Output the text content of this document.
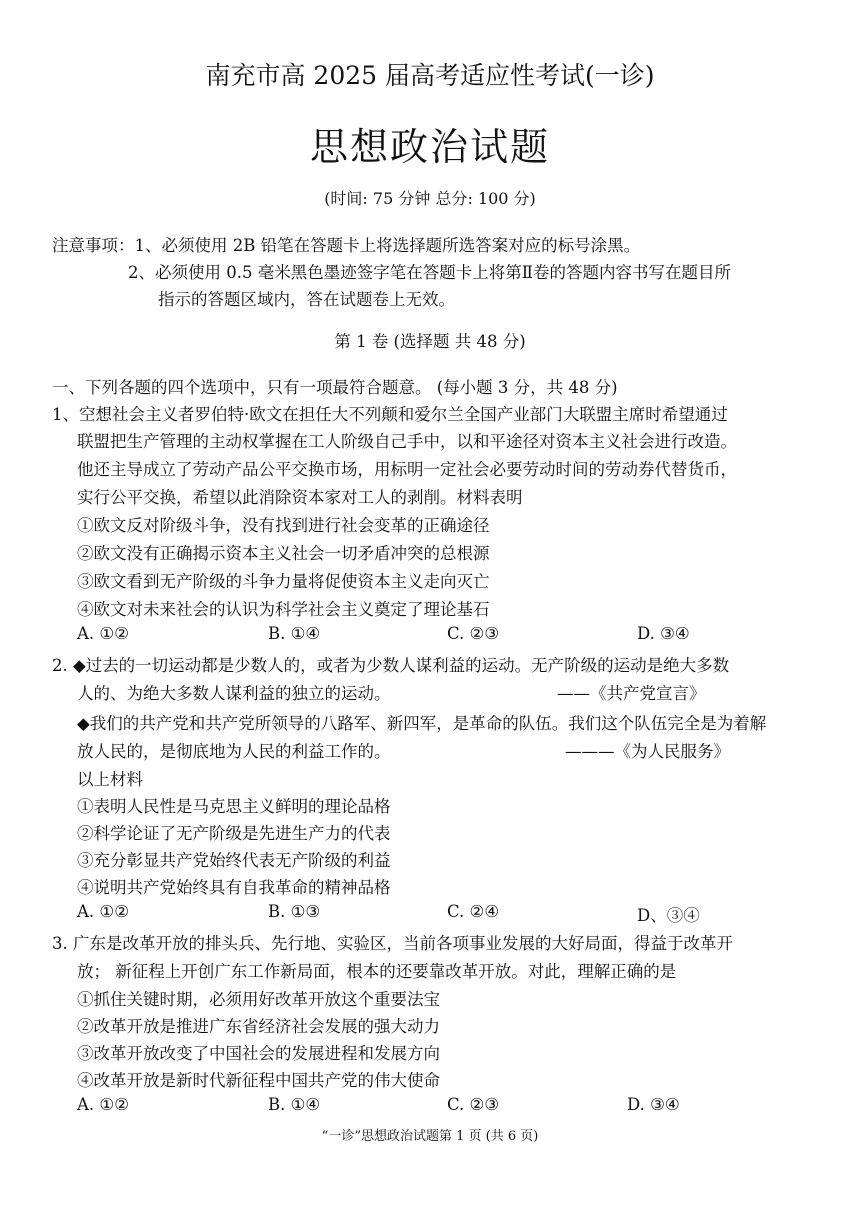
南充市高 2025 届高考适应性考试(一诊)
思想政治试题
(时间: 75 分钟 总分: 100 分)
注意事项：1、必须使用 2B 铅笔在答题卡上将选择题所选答案对应的标号涂黑。
2、必须使用 0.5 毫米黑色墨迹签字笔在答题卡上将第Ⅱ卷的答题内容书写在题目所
指示的答题区域内，答在试题卷上无效。
第 1 卷 (选择题 共 48 分)
一、下列各题的四个选项中，只有一项最符合题意。 (每小题 3 分，共 48 分)
1、空想社会主义者罗伯特·欧文在担任大不列颠和爱尔兰全国产业部门大联盟主席时希望通过
联盟把生产管理的主动权掌握在工人阶级自己手中，以和平途径对资本主义社会进行改造。
他还主导成立了劳动产品公平交换市场，用标明一定社会必要劳动时间的劳动券代替货币，
实行公平交换，希望以此消除资本家对工人的剥削。材料表明
①欧文反对阶级斗争，没有找到进行社会变革的正确途径
②欧文没有正确揭示资本主义社会一切矛盾冲突的总根源
③欧文看到无产阶级的斗争力量将促使资本主义走向灭亡
④欧文对未来社会的认识为科学社会主义奠定了理论基石
A. ①②	B. ①④	C. ②③	D. ③④
2. ◆过去的一切运动都是少数人的，或者为少数人谋利益的运动。无产阶级的运动是绝大多数
人的、为绝大多数人谋利益的独立的运动。	——《共产党宣言》
◆我们的共产党和共产党所领导的八路军、新四军，是革命的队伍。我们这个队伍完全是为着解
放人民的，是彻底地为人民的利益工作的。	———《为人民服务》
以上材料
①表明人民性是马克思主义鲜明的理论品格
②科学论证了无产阶级是先进生产力的代表
③充分彰显共产党始终代表无产阶级的利益
④说明共产党始终具有自我革命的精神品格
A. ①②	B. ①③	C. ②④	D、③④
3. 广东是改革开放的排头兵、先行地、实验区，当前各项事业发展的大好局面，得益于改革开
放； 新征程上开创广东工作新局面，根本的还要靠改革开放。对此，理解正确的是
①抓住关键时期，必须用好改革开放这个重要法宝
②改革开放是推进广东省经济社会发展的强大动力
③改革开放改变了中国社会的发展进程和发展方向
④改革开放是新时代新征程中国共产党的伟大使命
A. ①②	B. ①④	C. ②③	D. ③④
“一诊”思想政治试题第 1 页 (共 6 页)
